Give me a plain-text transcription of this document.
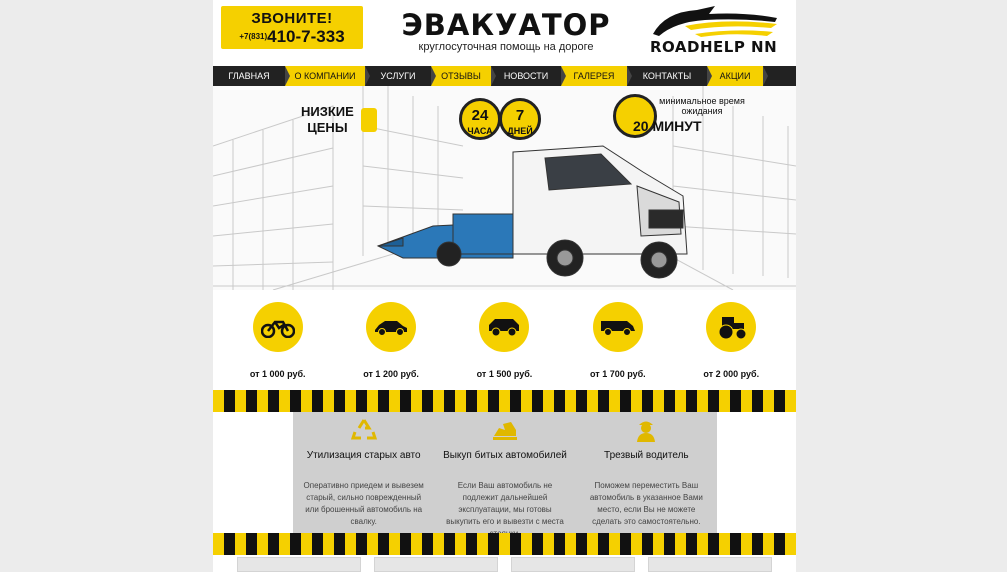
ЗВОНИТЕ!
+7(831)410-7-333	ЭВАКУАТОР
круглосуточная помощь на дороге	ROADHELP NN
ГЛАВНАЯ	О КОМПАНИИ	УСЛУГИ	ОТЗЫВЫ	НОВОСТИ	ГАЛЕРЕЯ	КОНТАКТЫ	АКЦИИ
НИЗКИЕ
ЦЕНЫ
24
ЧАСА
7
ДНЕЙ
минимальное время ожидания
20 МИНУТ
от 1 000 руб.	от 1 200 руб.	от 1 500 руб.	от 1 700 руб.	от 2 000 руб.
Утилизация старых авто
Оперативно приедем и вывезем старый, сильно поврежденный или брошенный автомобиль на свалку.
Выкуп битых автомобилей
Если Ваш автомобиль не подлежит дальнейшей эксплуатации, мы готовы выкупить его и вывезти с места
Трезвый водитель
Поможем переместить Ваш автомобиль в указанное Вами место, если Вы не можете сделать это самостоятельно.
